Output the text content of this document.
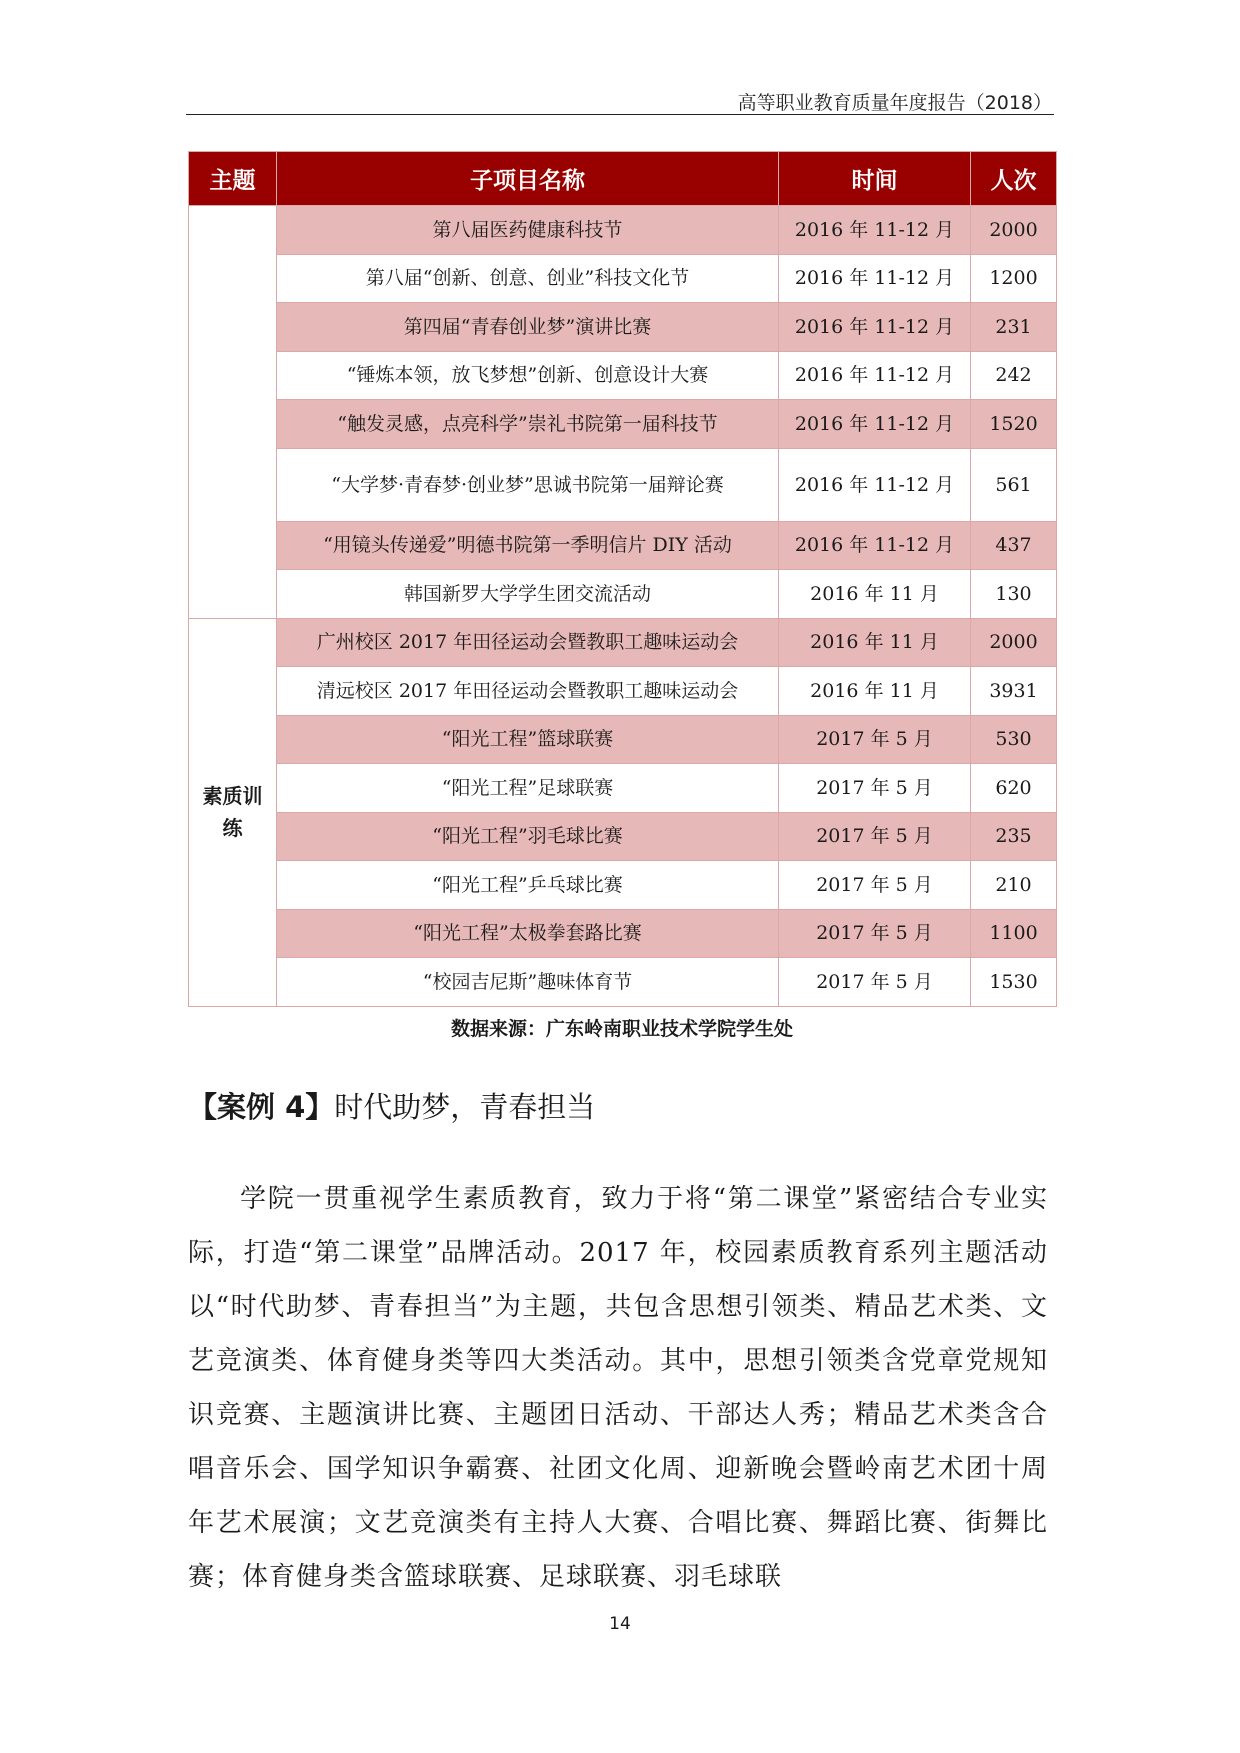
高等职业教育质量年度报告（2018）
主题	子项目名称	时间	人次
	第八届医药健康科技节	2016 年 11-12 月	2000
	第八届“创新、创意、创业”科技文化节	2016 年 11-12 月	1200
	第四届“青春创业梦”演讲比赛	2016 年 11-12 月	231
	“锤炼本领，放飞梦想”创新、创意设计大赛	2016 年 11-12 月	242
	“触发灵感，点亮科学”崇礼书院第一届科技节	2016 年 11-12 月	1520
	“大学梦·青春梦·创业梦”思诚书院第一届辩论赛	2016 年 11-12 月	561
	“用镜头传递爱”明德书院第一季明信片 DIY 活动	2016 年 11-12 月	437
	韩国新罗大学学生团交流活动	2016 年 11 月	130
素质训练	广州校区 2017 年田径运动会暨教职工趣味运动会	2016 年 11 月	2000
	清远校区 2017 年田径运动会暨教职工趣味运动会	2016 年 11 月	3931
	“阳光工程”篮球联赛	2017 年 5 月	530
	“阳光工程”足球联赛	2017 年 5 月	620
	“阳光工程”羽毛球比赛	2017 年 5 月	235
	“阳光工程”乒乓球比赛	2017 年 5 月	210
	“阳光工程”太极拳套路比赛	2017 年 5 月	1100
	“校园吉尼斯”趣味体育节	2017 年 5 月	1530
数据来源：广东岭南职业技术学院学生处
【案例 4】时代助梦，青春担当

学院一贯重视学生素质教育，致力于将“第二课堂”紧密结合专业实际，打造“第二课堂”品牌活动。2017 年，校园素质教育系列主题活动以“时代助梦、青春担当”为主题，共包含思想引领类、精品艺术类、文艺竞演类、体育健身类等四大类活动。其中，思想引领类含党章党规知识竞赛、主题演讲比赛、主题团日活动、干部达人秀；精品艺术类含合唱音乐会、国学知识争霸赛、社团文化周、迎新晚会暨岭南艺术团十周年艺术展演；文艺竞演类有主持人大赛、合唱比赛、舞蹈比赛、街舞比赛；体育健身类含篮球联赛、足球联赛、羽毛球联

14
